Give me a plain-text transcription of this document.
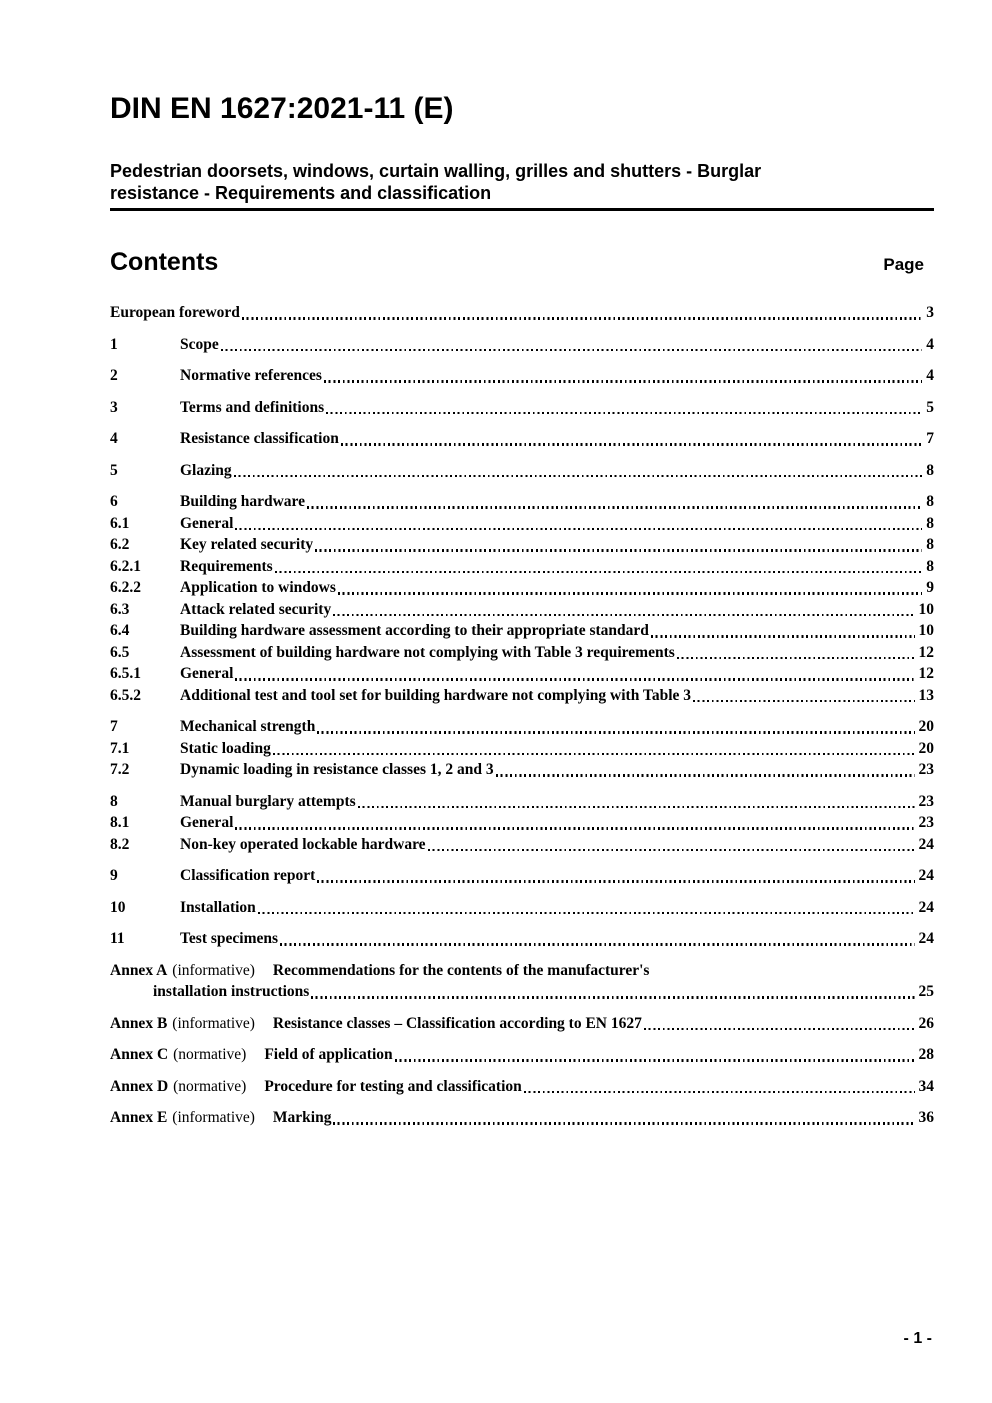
DIN EN 1627:2021-11 (E)
Pedestrian doorsets, windows, curtain walling, grilles and shutters - Burglar
resistance - Requirements and classification
Contents	Page
European foreword	3
1	Scope	4
2	Normative references	4
3	Terms and definitions	5
4	Resistance classification	7
5	Glazing	8
6	Building hardware	8
6.1	General	8
6.2	Key related security	8
6.2.1	Requirements	8
6.2.2	Application to windows	9
6.3	Attack related security	10
6.4	Building hardware assessment according to their appropriate standard	10
6.5	Assessment of building hardware not complying with Table 3 requirements	12
6.5.1	General	12
6.5.2	Additional test and tool set for building hardware not complying with Table 3	13
7	Mechanical strength	20
7.1	Static loading	20
7.2	Dynamic loading in resistance classes 1, 2 and 3	23
8	Manual burglary attempts	23
8.1	General	23
8.2	Non-key operated lockable hardware	24
9	Classification report	24
10	Installation	24
11	Test specimens	24
Annex A (informative) Recommendations for the contents of the manufacturer's
installation instructions	25
Annex B (informative) Resistance classes – Classification according to EN 1627	26
Annex C (normative) Field of application	28
Annex D (normative) Procedure for testing and classification	34
Annex E (informative) Marking	36
- 1 -
